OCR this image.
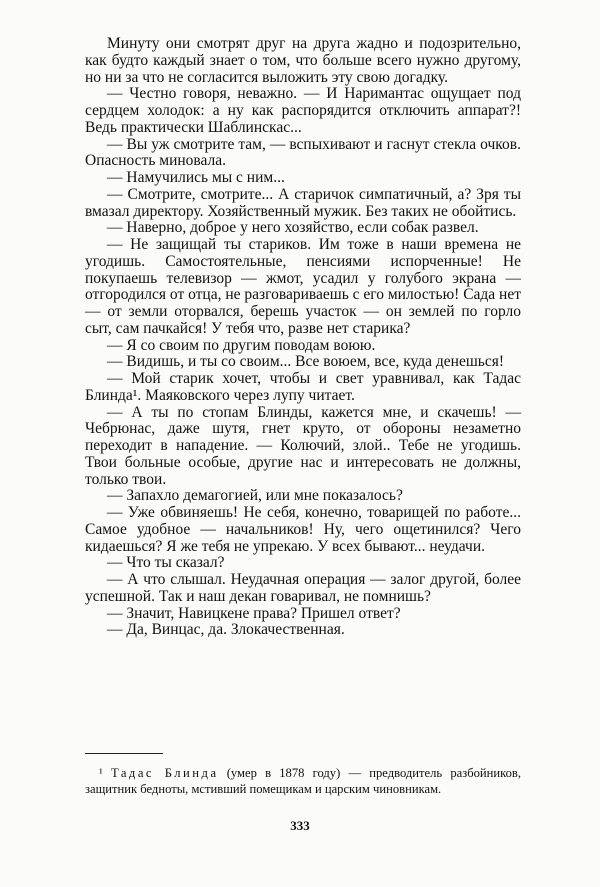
Минуту они смотрят друг на друга жадно и подозрительно, как будто каждый знает о том, что больше всего нужно другому, но ни за что не согласится выложить эту свою догадку.

— Честно говоря, неважно. — И Наримантас ощущает под сердцем холодок: а ну как распорядится отключить аппарат?! Ведь практически Шаблинскас...

— Вы уж смотрите там, — вспыхивают и гаснут стекла очков. Опасность миновала.

— Намучились мы с ним...

— Смотрите, смотрите... А старичок симпатичный, а? Зря ты вмазал директору. Хозяйственный мужик. Без таких не обойтись.

— Наверно, доброе у него хозяйство, если собак развел.

— Не защищай ты стариков. Им тоже в наши времена не угодишь. Самостоятельные, пенсиями испорченные! Не покупаешь телевизор — жмот, усадил у голубого экрана — отгородился от отца, не разговариваешь с его милостью! Сада нет — от земли оторвался, берешь участок — он землей по горло сыт, сам пачкайся! У тебя что, разве нет старика?

— Я со своим по другим поводам воюю.

— Видишь, и ты со своим... Все воюем, все, куда денешься!

— Мой старик хочет, чтобы и свет уравнивал, как Тадас Блинда¹. Маяковского через лупу читает.

— А ты по стопам Блинды, кажется мне, и скачешь! — Чебрюнас, даже шутя, гнет круто, от обороны незаметно переходит в нападение. — Колючий, злой.. Тебе не угодишь. Твои больные особые, другие нас и интересовать не должны, только твои.

— Запахло демагогией, или мне показалось?

— Уже обвиняешь! Не себя, конечно, товарищей по работе... Самое удобное — начальников! Ну, чего ощетинился? Чего кидаешься? Я же тебя не упрекаю. У всех бывают... неудачи.

— Что ты сказал?

— А что слышал. Неудачная операция — залог другой, более успешной. Так и наш декан говаривал, не помнишь?

— Значит, Навицкене права? Пришел ответ?

— Да, Винцас, да. Злокачественная.

¹ Тадас Блинда (умер в 1878 году) — предводитель разбойников, защитник бедноты, мстивший помещикам и царским чиновникам.

333
